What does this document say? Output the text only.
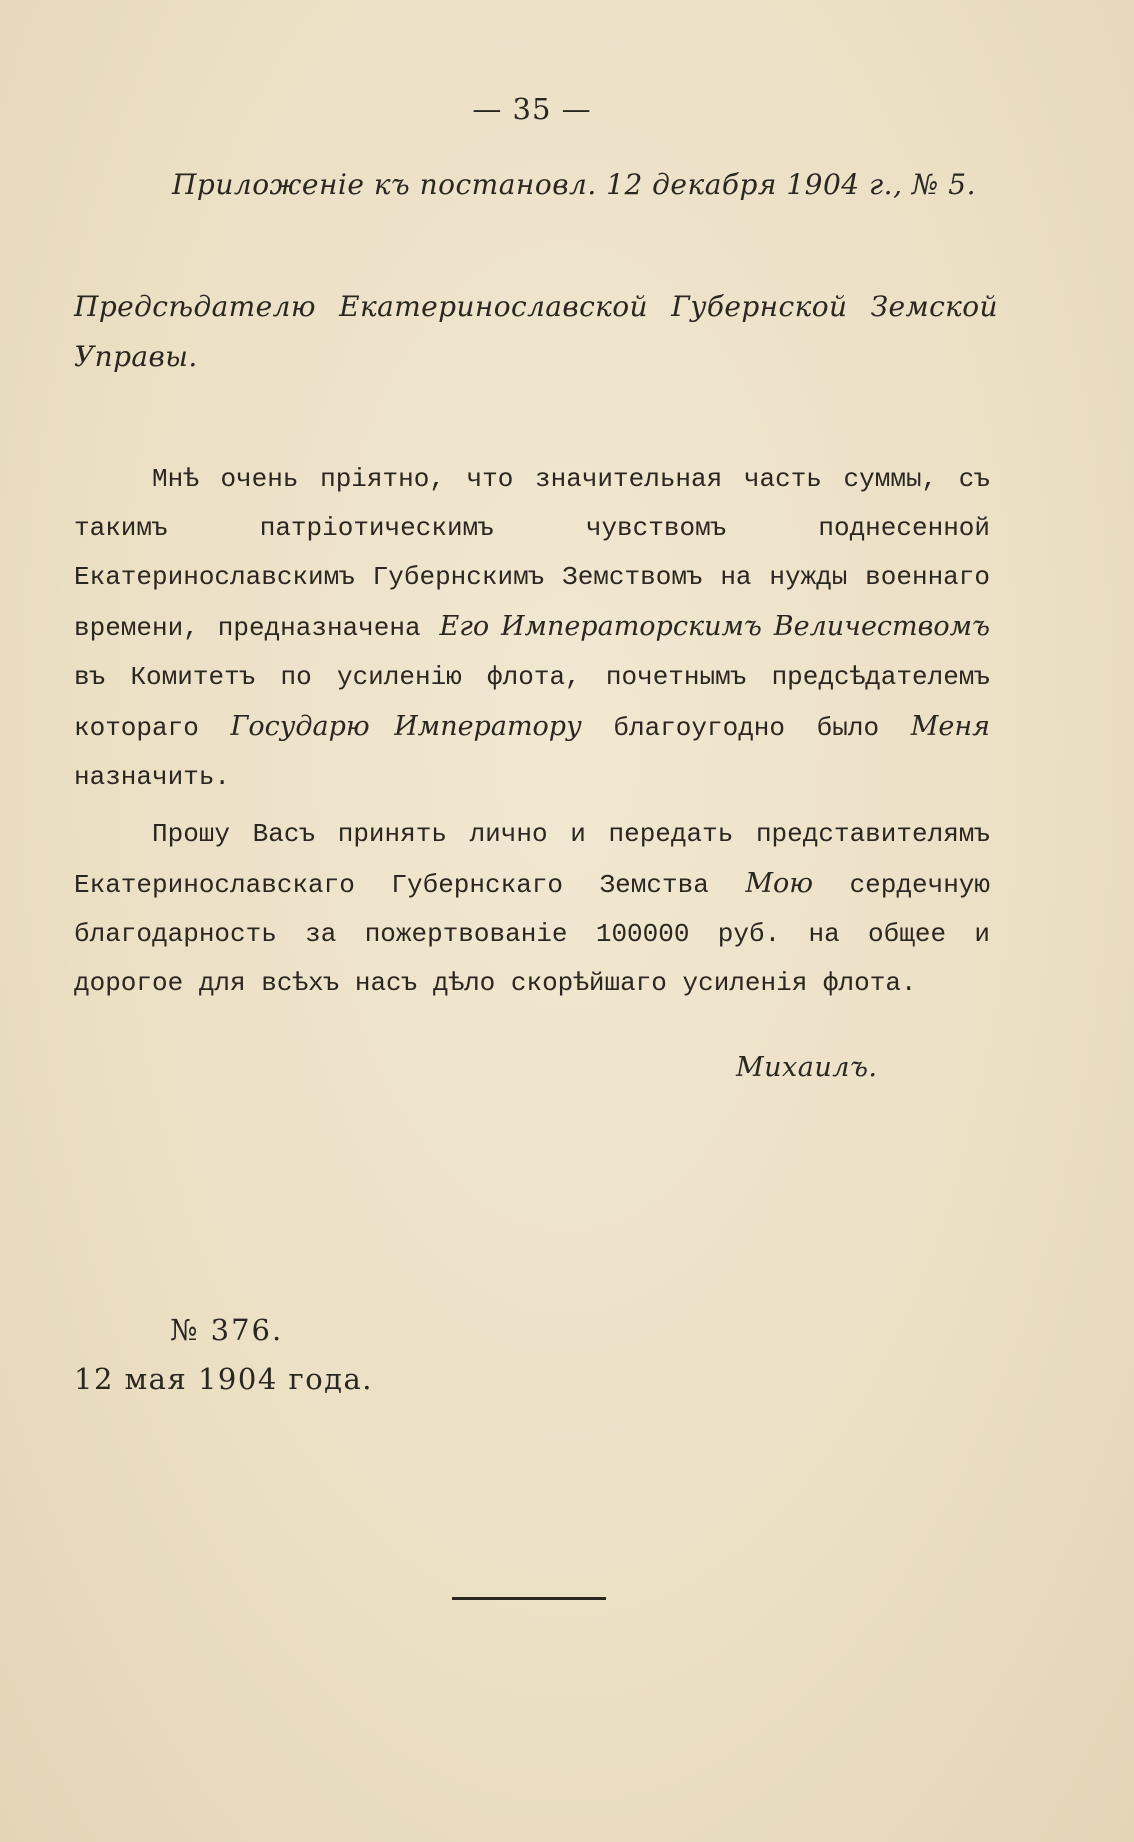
— 35 —
Приложеніе къ постановл. 12 декабря 1904 г., № 5.
Предсѣдателю Екатеринославской Губернской Земской Управы.

Мнѣ очень пріятно, что значительная часть суммы, съ такимъ патріотическимъ чувствомъ поднесенной Екатеринославскимъ Губернскимъ Земствомъ на нужды военнаго времени, предназначена Его Императорскимъ Величествомъ въ Комитетъ по усиленію флота, почетнымъ предсѣдателемъ котораго Государю Императору благоугодно было Меня назначить.

Прошу Васъ принять лично и передать представителямъ Екатеринославскаго Губернскаго Земства Мою сердечную благодарность за пожертвованіе 100000 руб. на общее и дорогое для всѣхъ насъ дѣло скорѣйшаго усиленія флота.

Михаилъ.
№ 376.
12 мая 1904 года.
